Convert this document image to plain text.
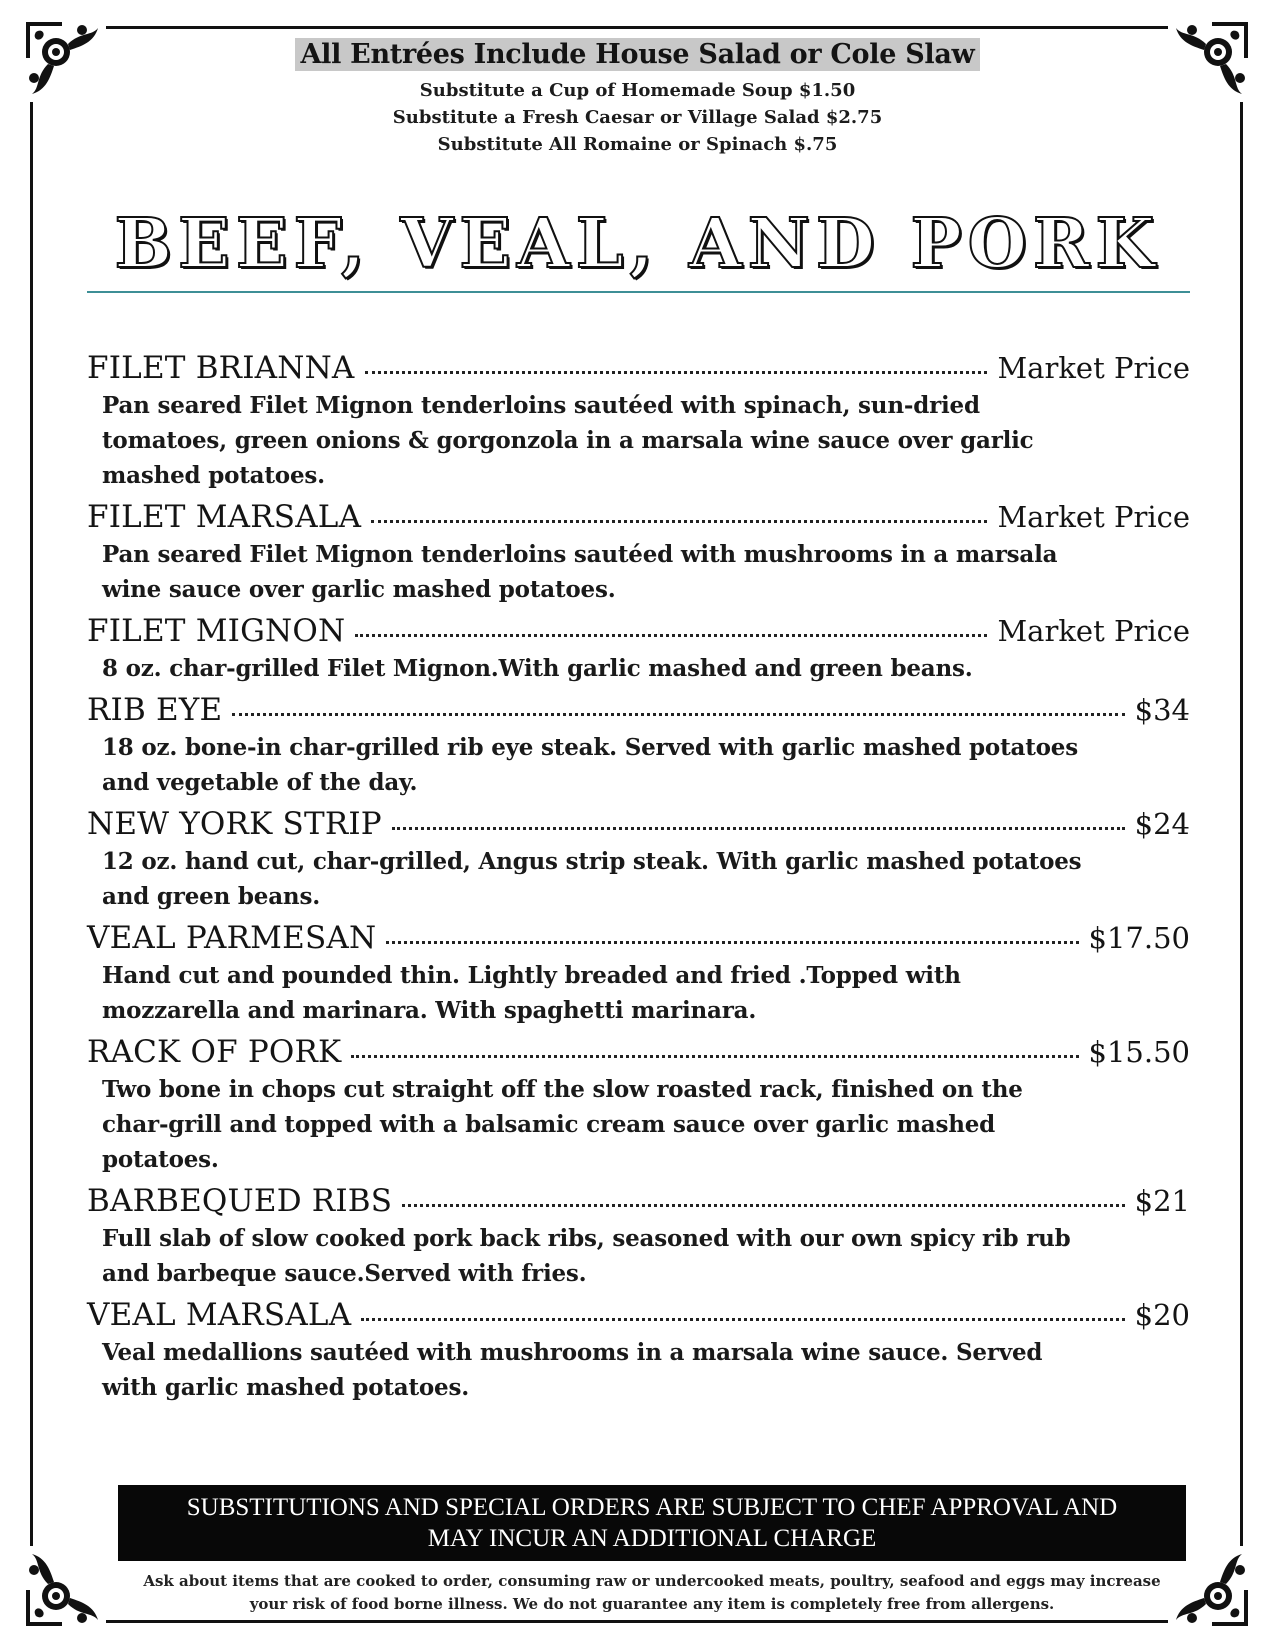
All Entrées Include House Salad or Cole Slaw
Substitute a Cup of Homemade Soup $1.50
Substitute a Fresh Caesar or Village Salad $2.75
Substitute All Romaine or Spinach $.75
BEEF, VEAL, AND PORK
FILET BRIANNA	Market Price
Pan seared Filet Mignon tenderloins sautéed with spinach, sun-dried tomatoes, green onions & gorgonzola in a marsala wine sauce over garlic mashed potatoes.
FILET MARSALA	Market Price
Pan seared Filet Mignon tenderloins sautéed with mushrooms in a marsala wine sauce over garlic mashed potatoes.
FILET MIGNON	Market Price
8 oz. char-grilled Filet Mignon.With garlic mashed and green beans.
RIB EYE	$34
18 oz. bone-in char-grilled rib eye steak. Served with garlic mashed potatoes and vegetable of the day.
NEW YORK STRIP	$24
12 oz. hand cut, char-grilled, Angus strip steak. With garlic mashed potatoes and green beans.
VEAL PARMESAN	$17.50
Hand cut and pounded thin. Lightly breaded and fried .Topped with mozzarella and marinara. With spaghetti marinara.
RACK OF PORK	$15.50
Two bone in chops cut straight off the slow roasted rack, finished on the char-grill and topped with a balsamic cream sauce over garlic mashed potatoes.
BARBEQUED RIBS	$21
Full slab of slow cooked pork back ribs, seasoned with our own spicy rib rub and barbeque sauce.Served with fries.
VEAL MARSALA	$20
Veal medallions sautéed with mushrooms in a marsala wine sauce. Served with garlic mashed potatoes.
SUBSTITUTIONS AND SPECIAL ORDERS ARE SUBJECT TO CHEF APPROVAL AND
MAY INCUR AN ADDITIONAL CHARGE
Ask about items that are cooked to order, consuming raw or undercooked meats, poultry, seafood and eggs may increase
your risk of food borne illness. We do not guarantee any item is completely free from allergens.
